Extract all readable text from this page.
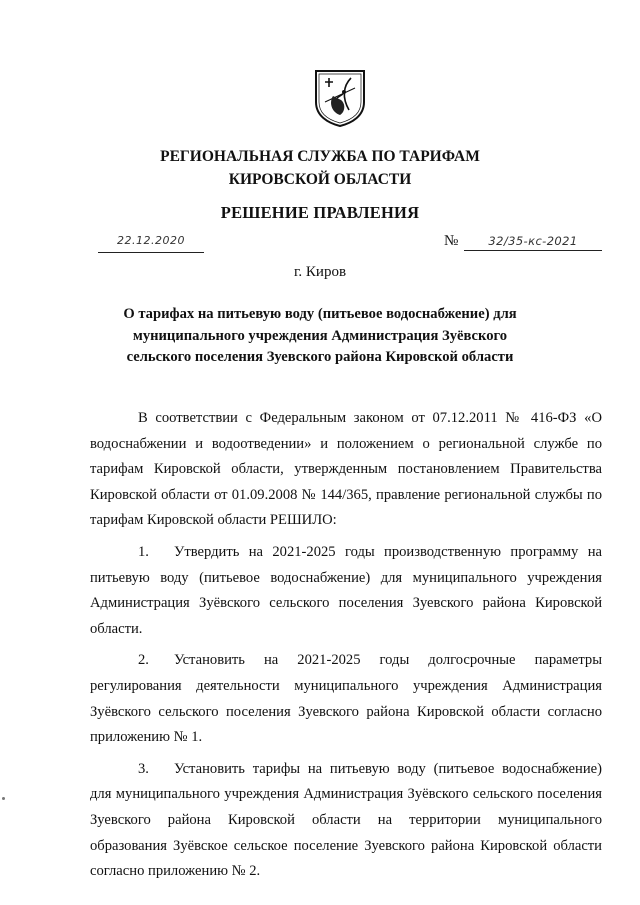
РЕГИОНАЛЬНАЯ СЛУЖБА ПО ТАРИФАМ
КИРОВСКОЙ ОБЛАСТИ
РЕШЕНИЕ ПРАВЛЕНИЯ
22.12.2020	№	32/35-кс-2021
г. Киров
О тарифах на питьевую воду (питьевое водоснабжение) для
муниципального учреждения Администрация Зуёвского
сельского поселения Зуевского района Кировской области

В соответствии с Федеральным законом от 07.12.2011 № 416-ФЗ «О водоснабжении и водоотведении» и положением о региональной службе по тарифам Кировской области, утвержденным постановлением Правительства Кировской области от 01.09.2008 № 144/365, правление региональной службы по тарифам Кировской области РЕШИЛО:

1. Утвердить на 2021-2025 годы производственную программу на питьевую воду (питьевое водоснабжение) для муниципального учреждения Администрация Зуёвского сельского поселения Зуевского района Кировской области.

2. Установить на 2021-2025 годы долгосрочные параметры регулирования деятельности муниципального учреждения Администрация Зуёвского сельского поселения Зуевского района Кировской области согласно приложению № 1.

3. Установить тарифы на питьевую воду (питьевое водоснабжение) для муниципального учреждения Администрация Зуёвского сельского поселения Зуевского района Кировской области на территории муниципального образования Зуёвское сельское поселение Зуевского района Кировской области согласно приложению № 2.
